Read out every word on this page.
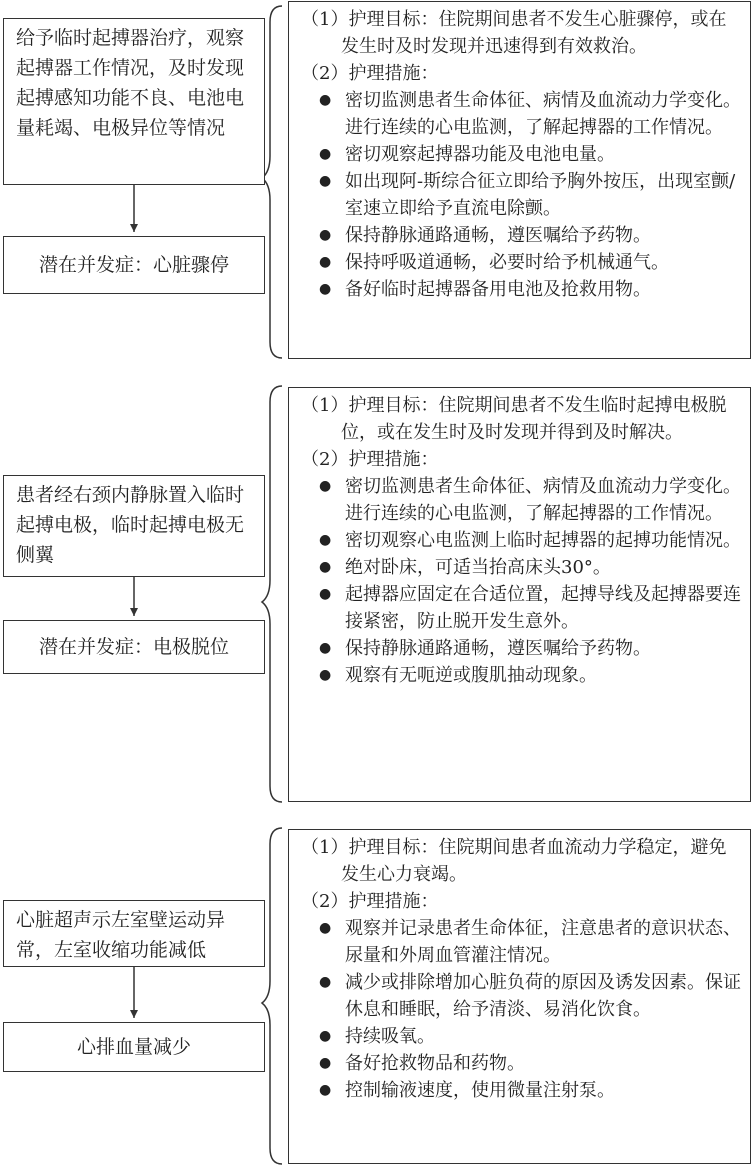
给予临时起搏器治疗，观察起搏器工作情况，及时发现起搏感知功能不良、电池电量耗竭、电极异位等情况
潜在并发症：心脏骤停
（1）护理目标：住院期间患者不发生心脏骤停，或在发生时及时发现并迅速得到有效救治。
（2）护理措施：
● 密切监测患者生命体征、病情及血流动力学变化。进行连续的心电监测，了解起搏器的工作情况。
● 密切观察起搏器功能及电池电量。
● 如出现阿-斯综合征立即给予胸外按压，出现室颤/室速立即给予直流电除颤。
● 保持静脉通路通畅，遵医嘱给予药物。
● 保持呼吸道通畅，必要时给予机械通气。
● 备好临时起搏器备用电池及抢救用物。
患者经右颈内静脉置入临时起搏电极，临时起搏电极无侧翼
潜在并发症：电极脱位
（1）护理目标：住院期间患者不发生临时起搏电极脱位，或在发生时及时发现并得到及时解决。
（2）护理措施：
● 密切监测患者生命体征、病情及血流动力学变化。进行连续的心电监测，了解起搏器的工作情况。
● 密切观察心电监测上临时起搏器的起搏功能情况。
● 绝对卧床，可适当抬高床头30°。
● 起搏器应固定在合适位置，起搏导线及起搏器要连接紧密，防止脱开发生意外。
● 保持静脉通路通畅，遵医嘱给予药物。
● 观察有无呃逆或腹肌抽动现象。
心脏超声示左室壁运动异常，左室收缩功能减低
心排血量减少
（1）护理目标：住院期间患者血流动力学稳定，避免发生心力衰竭。
（2）护理措施：
● 观察并记录患者生命体征，注意患者的意识状态、尿量和外周血管灌注情况。
● 减少或排除增加心脏负荷的原因及诱发因素。保证休息和睡眠，给予清淡、易消化饮食。
● 持续吸氧。
● 备好抢救物品和药物。
● 控制输液速度，使用微量注射泵。
